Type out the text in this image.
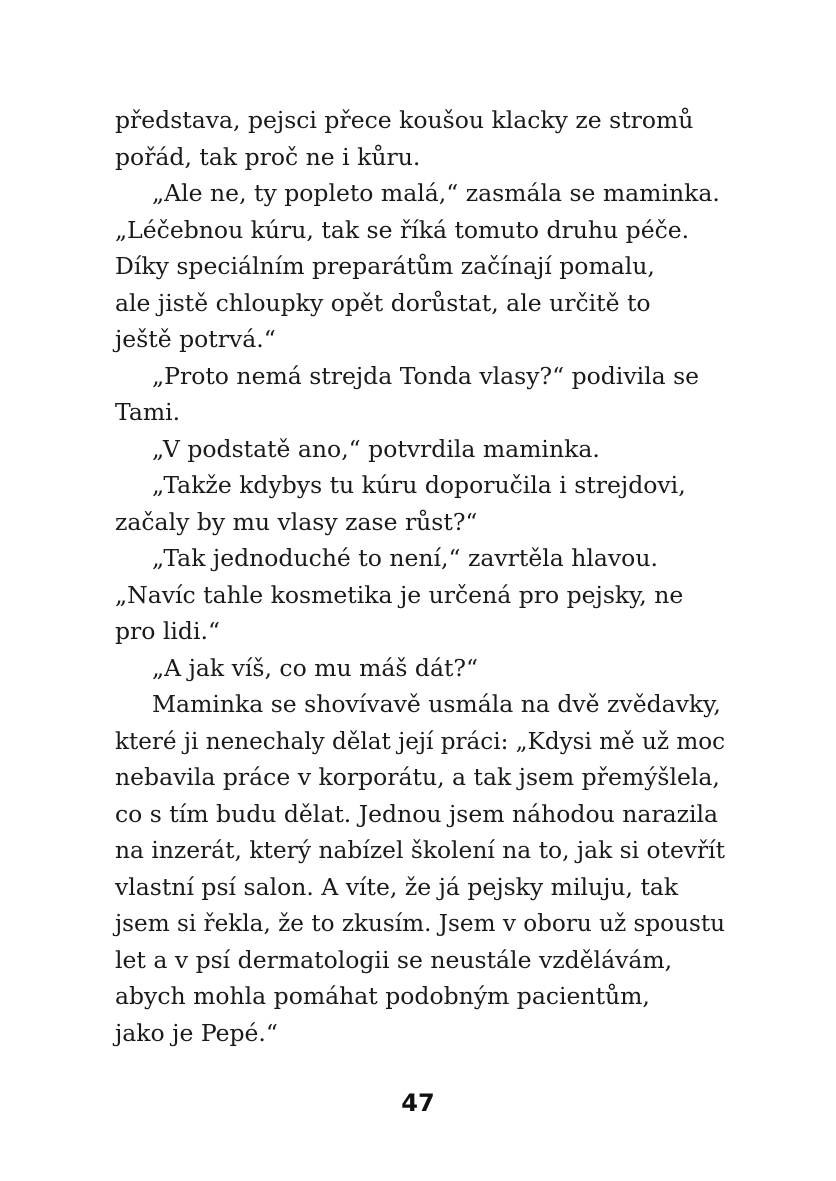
představa, pejsci přece koušou klacky ze stromů
pořád, tak proč ne i kůru.
„Ale ne, ty popleto malá,“ zasmála se maminka.
„Léčebnou kúru, tak se říká tomuto druhu péče.
Díky speciálním preparátům začínají pomalu,
ale jistě chloupky opět dorůstat, ale určitě to
ještě potrvá.“
„Proto nemá strejda Tonda vlasy?“ podivila se
Tami.
„V podstatě ano,“ potvrdila maminka.
„Takže kdybys tu kúru doporučila i strejdovi,
začaly by mu vlasy zase růst?“
„Tak jednoduché to není,“ zavrtěla hlavou.
„Navíc tahle kosmetika je určená pro pejsky, ne
pro lidi.“
„A jak víš, co mu máš dát?“
Maminka se shovívavě usmála na dvě zvědavky,
které ji nenechaly dělat její práci: „Kdysi mě už moc
nebavila práce v korporátu, a tak jsem přemýšlela,
co s tím budu dělat. Jednou jsem náhodou narazila
na inzerát, který nabízel školení na to, jak si otevřít
vlastní psí salon. A víte, že já pejsky miluju, tak
jsem si řekla, že to zkusím. Jsem v oboru už spoustu
let a v psí dermatologii se neustále vzdělávám,
abych mohla pomáhat podobným pacientům,
jako je Pepé.“
47
